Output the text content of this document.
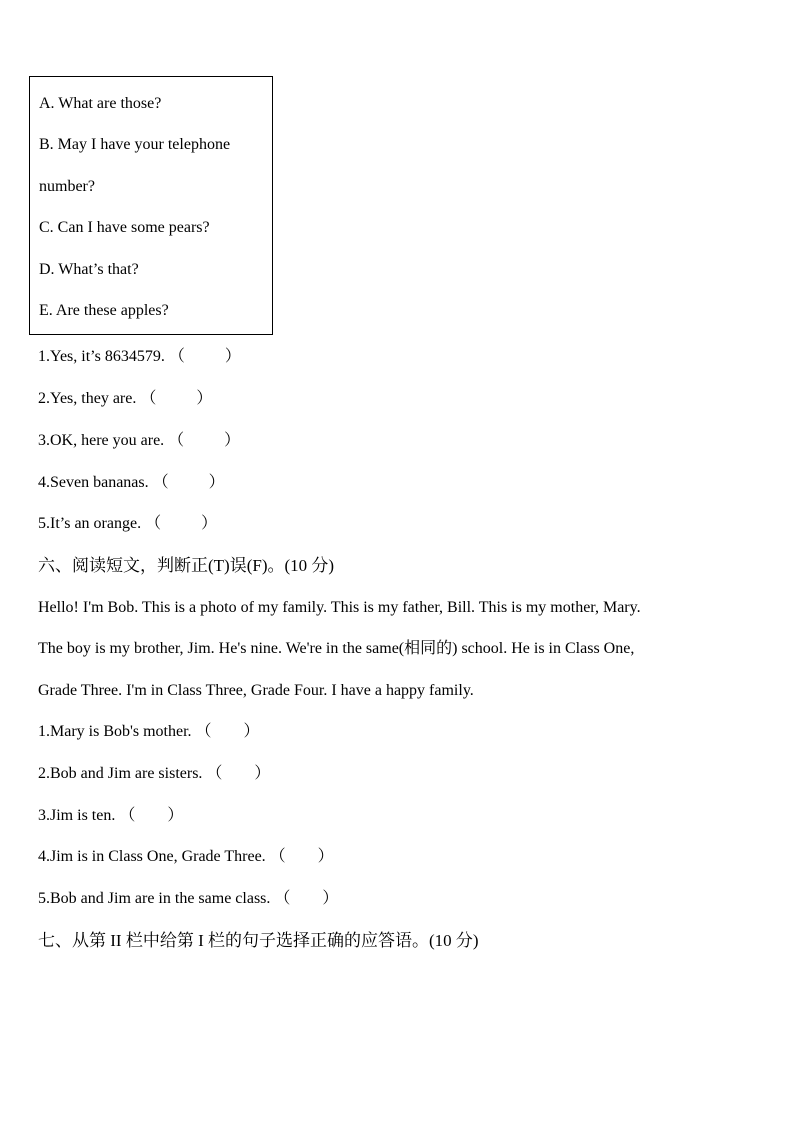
A. What are those?
B. May I have your telephone
number?
C. Can I have some pears?
D. What’s that?
E. Are these apples?
1.Yes, it’s 8634579. （          ）
2.Yes, they are. （          ）
3.OK, here you are. （          ）
4.Seven bananas. （          ）
5.It’s an orange. （          ）
六、阅读短文，判断正(T)误(F)。(10 分)
Hello! I'm Bob. This is a photo of my family. This is my father, Bill. This is my mother, Mary.
The boy is my brother, Jim. He's nine. We're in the same(相同的) school. He is in Class One,
Grade Three. I'm in Class Three, Grade Four. I have a happy family.
1.Mary is Bob's mother. （        ）
2.Bob and Jim are sisters. （        ）
3.Jim is ten. （        ）
4.Jim is in Class One, Grade Three. （        ）
5.Bob and Jim are in the same class. （        ）
七、从第 II 栏中给第 I 栏的句子选择正确的应答语。(10 分)
